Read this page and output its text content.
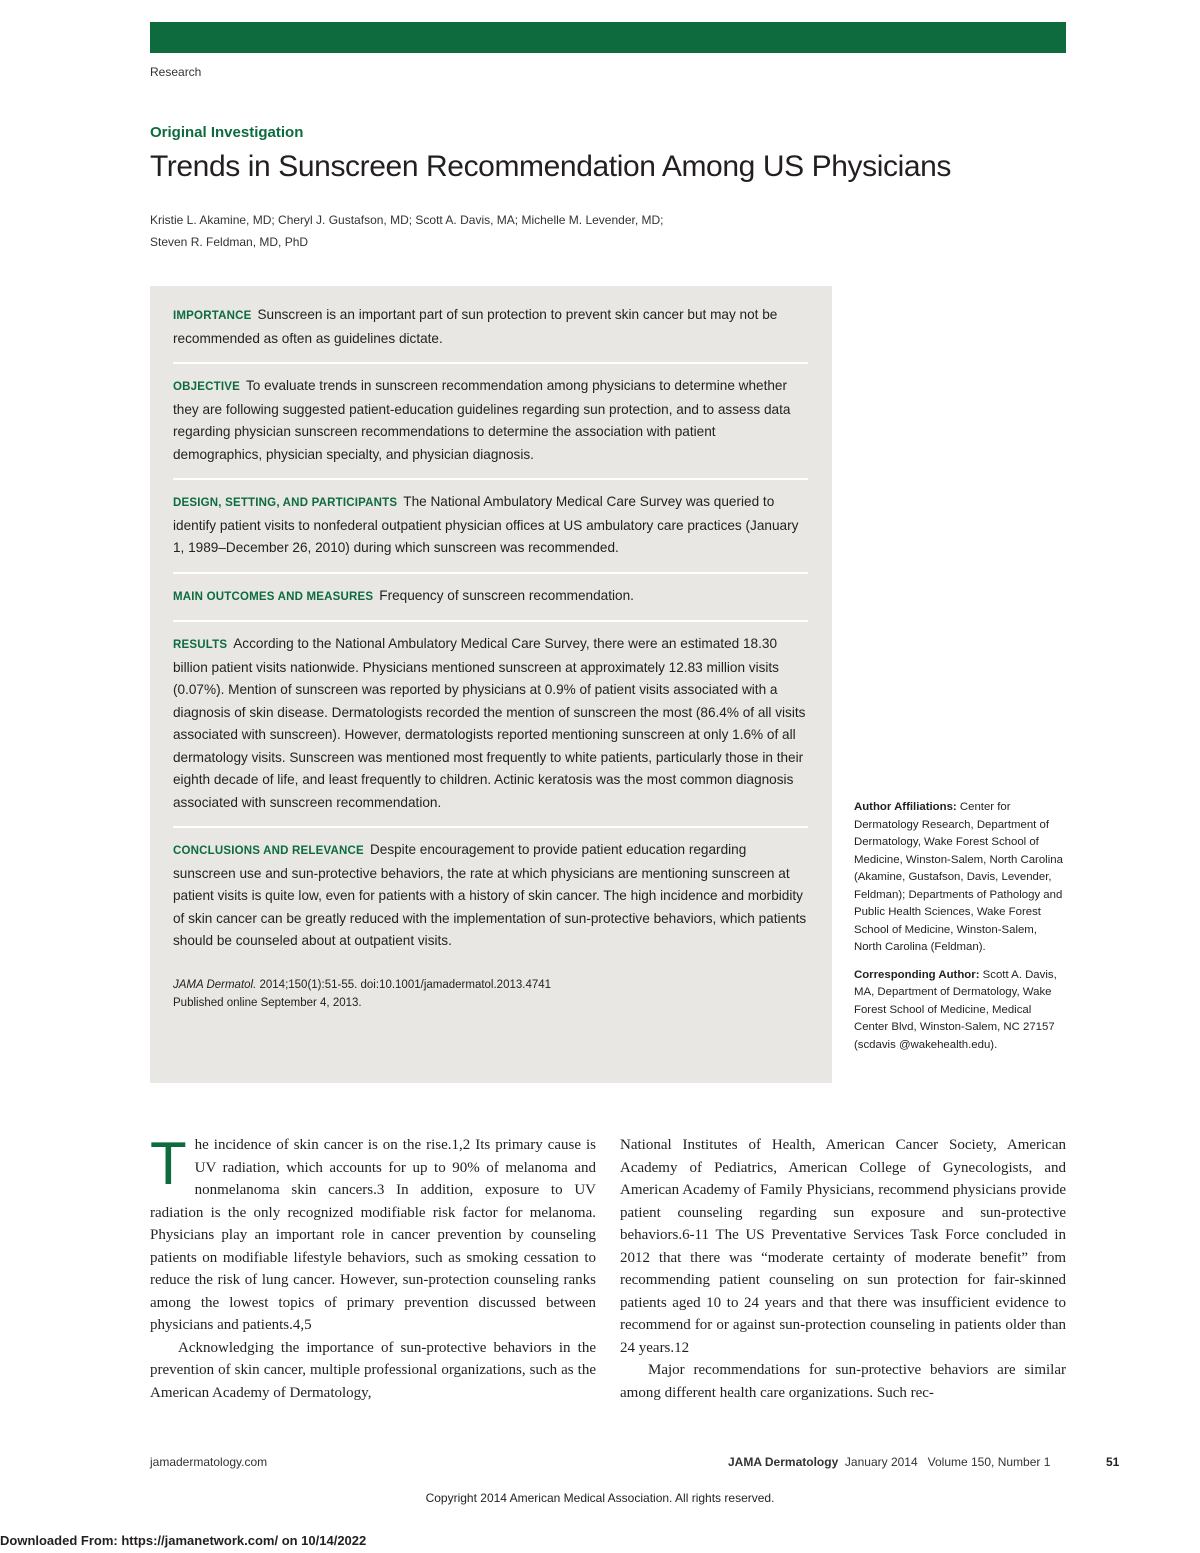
Research
Original Investigation
Trends in Sunscreen Recommendation Among US Physicians
Kristie L. Akamine, MD; Cheryl J. Gustafson, MD; Scott A. Davis, MA; Michelle M. Levender, MD;
Steven R. Feldman, MD, PhD
IMPORTANCE Sunscreen is an important part of sun protection to prevent skin cancer but may not be recommended as often as guidelines dictate.
OBJECTIVE To evaluate trends in sunscreen recommendation among physicians to determine whether they are following suggested patient-education guidelines regarding sun protection, and to assess data regarding physician sunscreen recommendations to determine the association with patient demographics, physician specialty, and physician diagnosis.
DESIGN, SETTING, AND PARTICIPANTS The National Ambulatory Medical Care Survey was queried to identify patient visits to nonfederal outpatient physician offices at US ambulatory care practices (January 1, 1989–December 26, 2010) during which sunscreen was recommended.
MAIN OUTCOMES AND MEASURES Frequency of sunscreen recommendation.
RESULTS According to the National Ambulatory Medical Care Survey, there were an estimated 18.30 billion patient visits nationwide. Physicians mentioned sunscreen at approximately 12.83 million visits (0.07%). Mention of sunscreen was reported by physicians at 0.9% of patient visits associated with a diagnosis of skin disease. Dermatologists recorded the mention of sunscreen the most (86.4% of all visits associated with sunscreen). However, dermatologists reported mentioning sunscreen at only 1.6% of all dermatology visits. Sunscreen was mentioned most frequently to white patients, particularly those in their eighth decade of life, and least frequently to children. Actinic keratosis was the most common diagnosis associated with sunscreen recommendation.
CONCLUSIONS AND RELEVANCE Despite encouragement to provide patient education regarding sunscreen use and sun-protective behaviors, the rate at which physicians are mentioning sunscreen at patient visits is quite low, even for patients with a history of skin cancer. The high incidence and morbidity of skin cancer can be greatly reduced with the implementation of sun-protective behaviors, which patients should be counseled about at outpatient visits.
JAMA Dermatol. 2014;150(1):51-55. doi:10.1001/jamadermatol.2013.4741
Published online September 4, 2013.
Author Affiliations: Center for Dermatology Research, Department of Dermatology, Wake Forest School of Medicine, Winston-Salem, North Carolina (Akamine, Gustafson, Davis, Levender, Feldman); Departments of Pathology and Public Health Sciences, Wake Forest School of Medicine, Winston-Salem, North Carolina (Feldman).
Corresponding Author: Scott A. Davis, MA, Department of Dermatology, Wake Forest School of Medicine, Medical Center Blvd, Winston-Salem, NC 27157 (scdavis @wakehealth.edu).

The incidence of skin cancer is on the rise.1,2 Its primary cause is UV radiation, which accounts for up to 90% of melanoma and nonmelanoma skin cancers.3 In addition, exposure to UV radiation is the only recognized modifiable risk factor for melanoma. Physicians play an important role in cancer prevention by counseling patients on modifiable lifestyle behaviors, such as smoking cessation to reduce the risk of lung cancer. However, sun-protection counseling ranks among the lowest topics of primary prevention discussed between physicians and patients.4,5

Acknowledging the importance of sun-protective behaviors in the prevention of skin cancer, multiple professional organizations, such as the American Academy of Dermatology,

National Institutes of Health, American Cancer Society, American Academy of Pediatrics, American College of Gynecologists, and American Academy of Family Physicians, recommend physicians provide patient counseling regarding sun exposure and sun-protective behaviors.6-11 The US Preventative Services Task Force concluded in 2012 that there was “moderate certainty of moderate benefit” from recommending patient counseling on sun protection for fair-skinned patients aged 10 to 24 years and that there was insufficient evidence to recommend for or against sun-protection counseling in patients older than 24 years.12

Major recommendations for sun-protective behaviors are similar among different health care organizations. Such rec-

jamadermatology.com	JAMA Dermatology  January 2014   Volume 150, Number 1	51
Copyright 2014 American Medical Association. All rights reserved.
Downloaded From: https://jamanetwork.com/ on 10/14/2022
